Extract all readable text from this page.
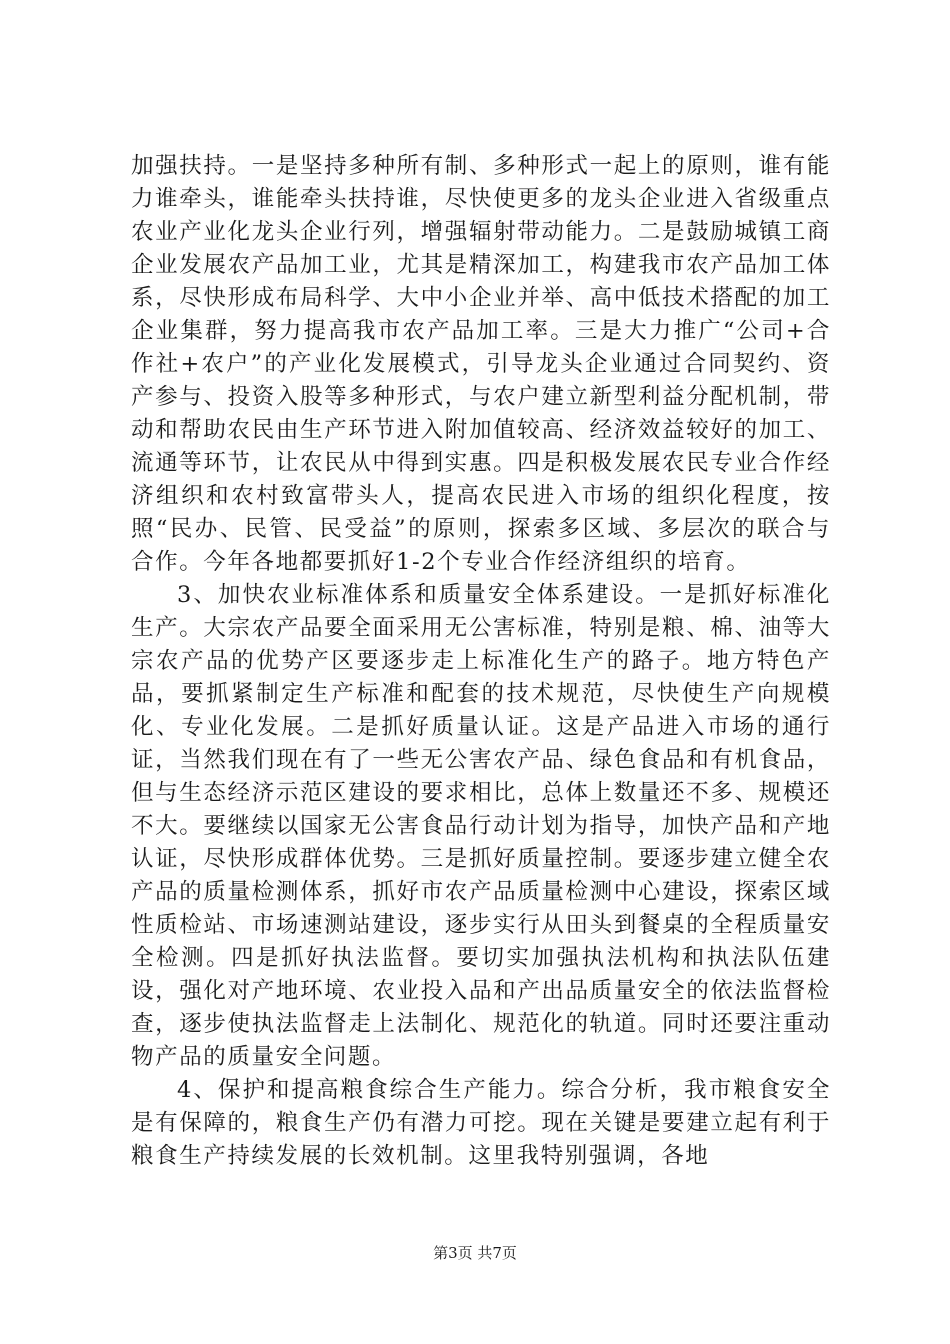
加强扶持。一是坚持多种所有制、多种形式一起上的原则，谁有能力谁牵头，谁能牵头扶持谁，尽快使更多的龙头企业进入省级重点农业产业化龙头企业行列，增强辐射带动能力。二是鼓励城镇工商企业发展农产品加工业，尤其是精深加工，构建我市农产品加工体系，尽快形成布局科学、大中小企业并举、高中低技术搭配的加工企业集群，努力提高我市农产品加工率。三是大力推广“公司+合作社+农户”的产业化发展模式，引导龙头企业通过合同契约、资产参与、投资入股等多种形式，与农户建立新型利益分配机制，带动和帮助农民由生产环节进入附加值较高、经济效益较好的加工、流通等环节，让农民从中得到实惠。四是积极发展农民专业合作经济组织和农村致富带头人，提高农民进入市场的组织化程度，按照“民办、民管、民受益”的原则，探索多区域、多层次的联合与合作。今年各地都要抓好1-2个专业合作经济组织的培育。

3、加快农业标准体系和质量安全体系建设。一是抓好标准化生产。大宗农产品要全面采用无公害标准，特别是粮、棉、油等大宗农产品的优势产区要逐步走上标准化生产的路子。地方特色产品，要抓紧制定生产标准和配套的技术规范，尽快使生产向规模化、专业化发展。二是抓好质量认证。这是产品进入市场的通行证，当然我们现在有了一些无公害农产品、绿色食品和有机食品，但与生态经济示范区建设的要求相比，总体上数量还不多、规模还不大。要继续以国家无公害食品行动计划为指导，加快产品和产地认证，尽快形成群体优势。三是抓好质量控制。要逐步建立健全农产品的质量检测体系，抓好市农产品质量检测中心建设，探索区域性质检站、市场速测站建设，逐步实行从田头到餐桌的全程质量安全检测。四是抓好执法监督。要切实加强执法机构和执法队伍建设，强化对产地环境、农业投入品和产出品质量安全的依法监督检查，逐步使执法监督走上法制化、规范化的轨道。同时还要注重动物产品的质量安全问题。

4、保护和提高粮食综合生产能力。综合分析，我市粮食安全是有保障的，粮食生产仍有潜力可挖。现在关键是要建立起有利于粮食生产持续发展的长效机制。这里我特别强调，各地

第3页 共7页
